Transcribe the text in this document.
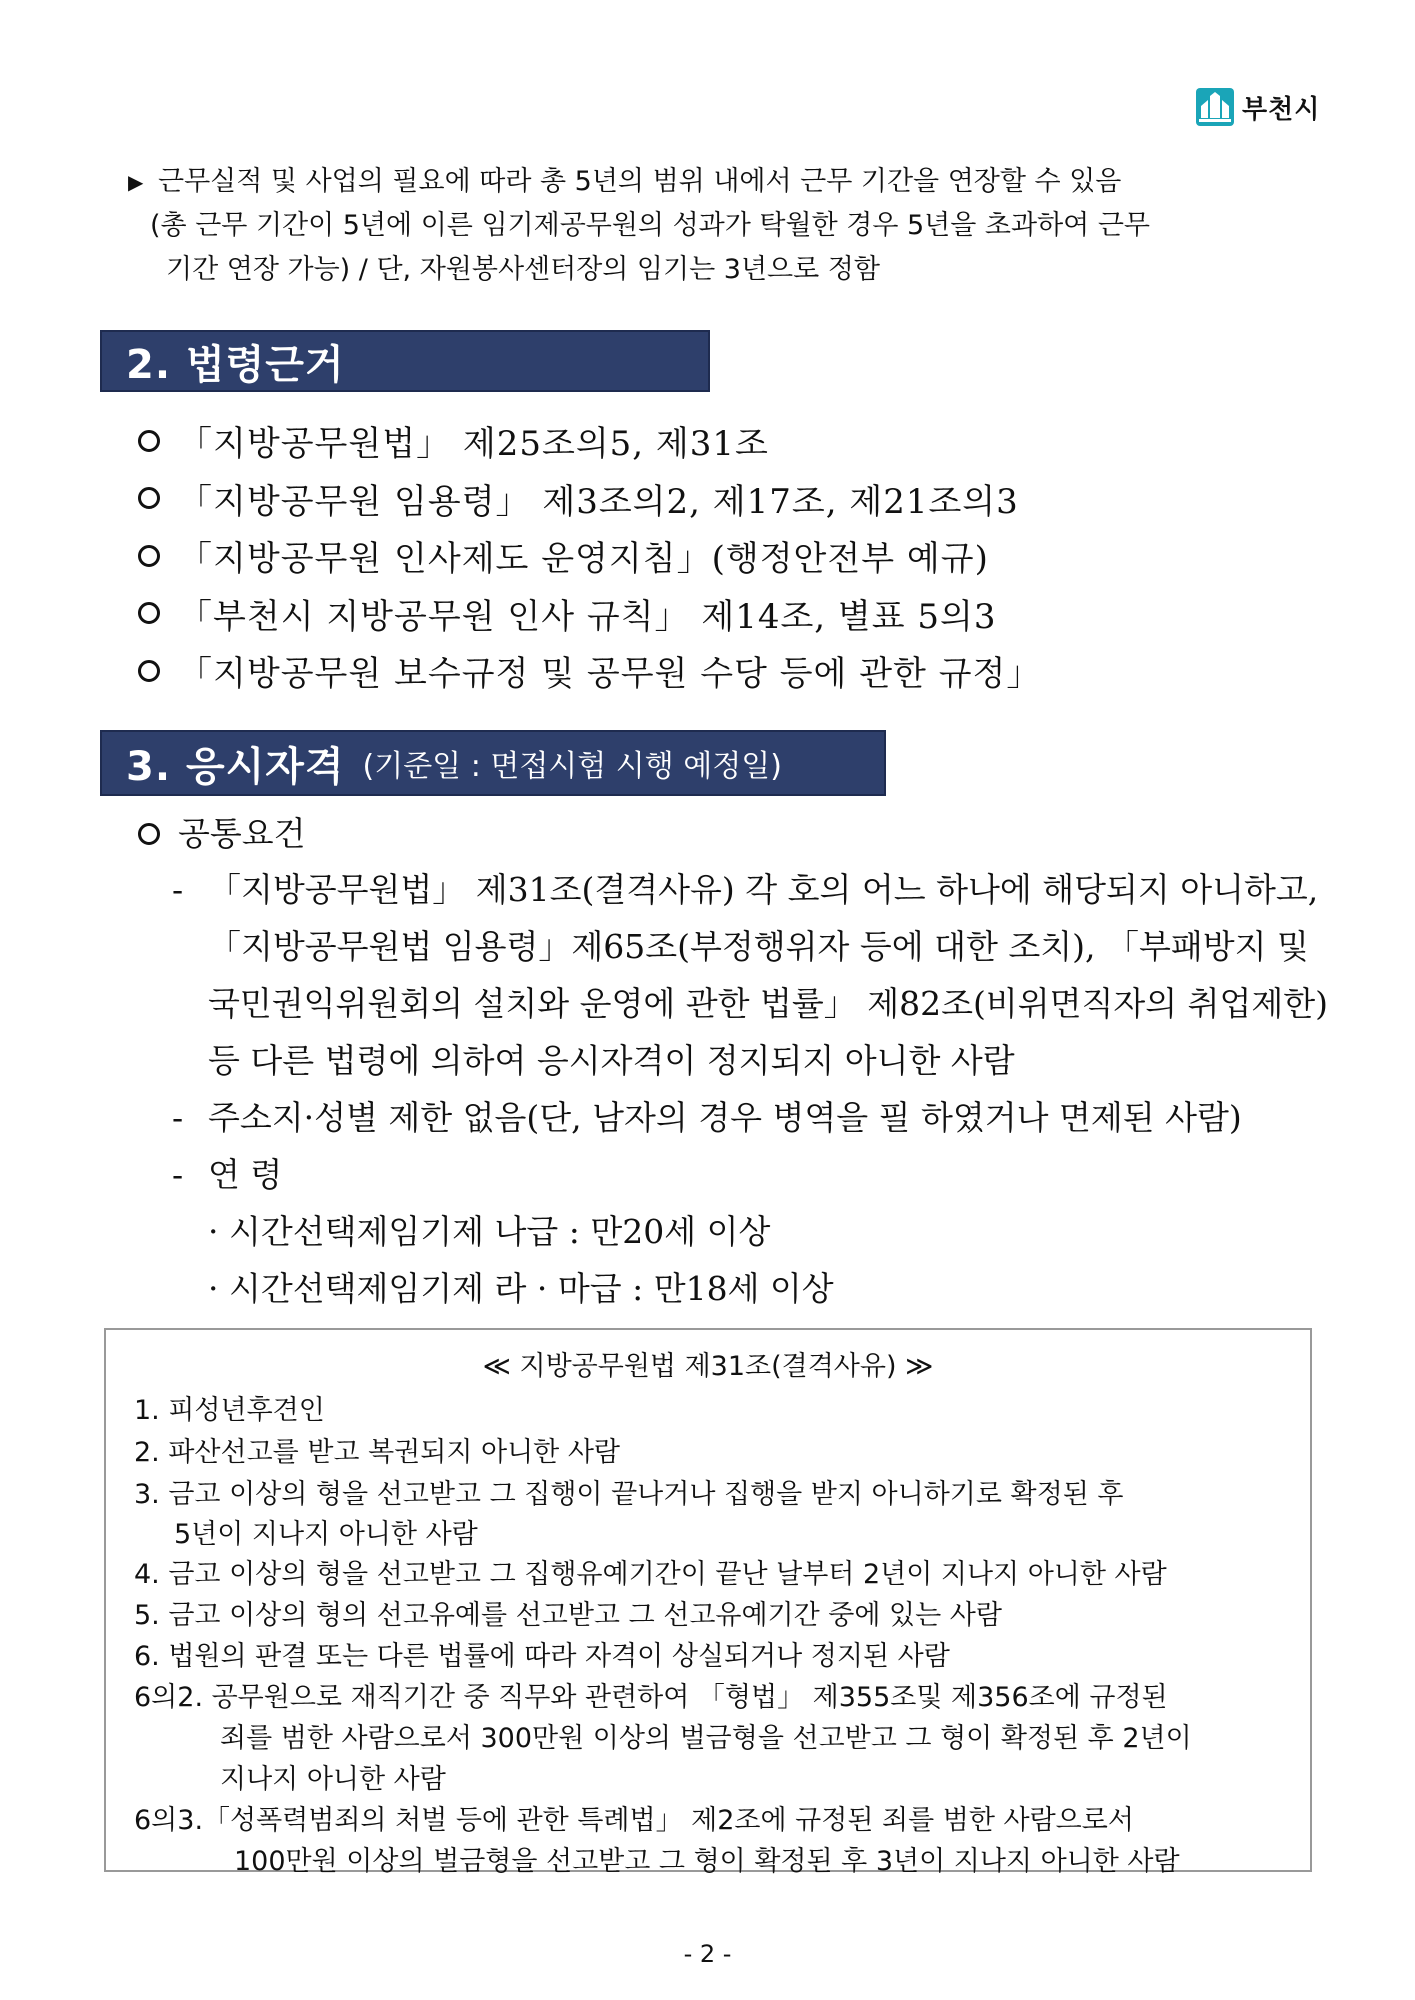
부천시
▶ 근무실적 및 사업의 필요에 따라 총 5년의 범위 내에서 근무 기간을 연장할 수 있음
(총 근무 기간이 5년에 이른 임기제공무원의 성과가 탁월한 경우 5년을 초과하여 근무
기간 연장 가능) / 단, 자원봉사센터장의 임기는 3년으로 정함
2. 법령근거
「지방공무원법」 제25조의5, 제31조
「지방공무원 임용령」 제3조의2, 제17조, 제21조의3
「지방공무원 인사제도 운영지침」(행정안전부 예규)
「부천시 지방공무원 인사 규칙」 제14조, 별표 5의3
「지방공무원 보수규정 및 공무원 수당 등에 관한 규정」
3. 응시자격 (기준일 : 면접시험 시행 예정일)
공통요건
- 「지방공무원법」 제31조(결격사유) 각 호의 어느 하나에 해당되지 아니하고,
「지방공무원법 임용령」제65조(부정행위자 등에 대한 조치), 「부패방지 및
국민권익위원회의 설치와 운영에 관한 법률」 제82조(비위면직자의 취업제한)
등 다른 법령에 의하여 응시자격이 정지되지 아니한 사람
- 주소지·성별 제한 없음(단, 남자의 경우 병역을 필 하였거나 면제된 사람)
- 연 령
· 시간선택제임기제 나급 : 만20세 이상
· 시간선택제임기제 라 · 마급 : 만18세 이상
≪ 지방공무원법 제31조(결격사유) ≫
1. 피성년후견인
2. 파산선고를 받고 복권되지 아니한 사람
3. 금고 이상의 형을 선고받고 그 집행이 끝나거나 집행을 받지 아니하기로 확정된 후
5년이 지나지 아니한 사람
4. 금고 이상의 형을 선고받고 그 집행유예기간이 끝난 날부터 2년이 지나지 아니한 사람
5. 금고 이상의 형의 선고유예를 선고받고 그 선고유예기간 중에 있는 사람
6. 법원의 판결 또는 다른 법률에 따라 자격이 상실되거나 정지된 사람
6의2. 공무원으로 재직기간 중 직무와 관련하여 「형법」 제355조및 제356조에 규정된
죄를 범한 사람으로서 300만원 이상의 벌금형을 선고받고 그 형이 확정된 후 2년이
지나지 아니한 사람
6의3.「성폭력범죄의 처벌 등에 관한 특례법」 제2조에 규정된 죄를 범한 사람으로서
100만원 이상의 벌금형을 선고받고 그 형이 확정된 후 3년이 지나지 아니한 사람
- 2 -
